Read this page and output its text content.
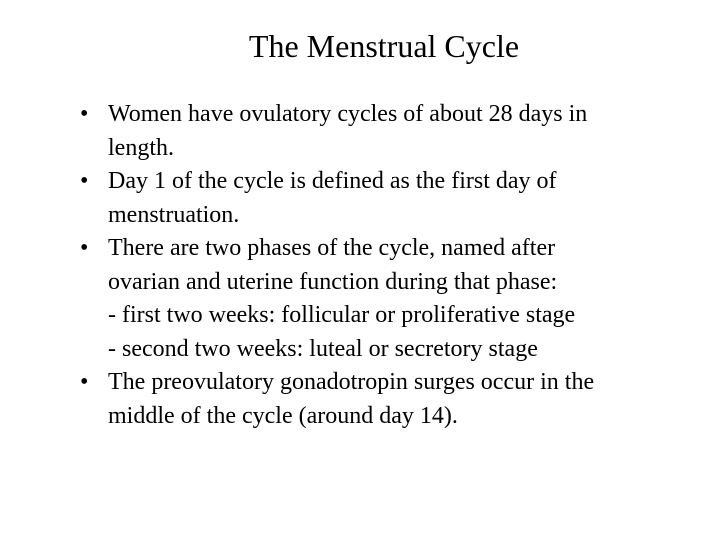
The Menstrual Cycle
• Women have ovulatory cycles of about 28 days in
length.
• Day 1 of the cycle is defined as the first day of
menstruation.
• There are two phases of the cycle, named after
ovarian and uterine function during that phase:
- first two weeks: follicular or proliferative stage
- second two weeks: luteal or secretory stage
• The preovulatory gonadotropin surges occur in the
middle of the cycle (around day 14).
